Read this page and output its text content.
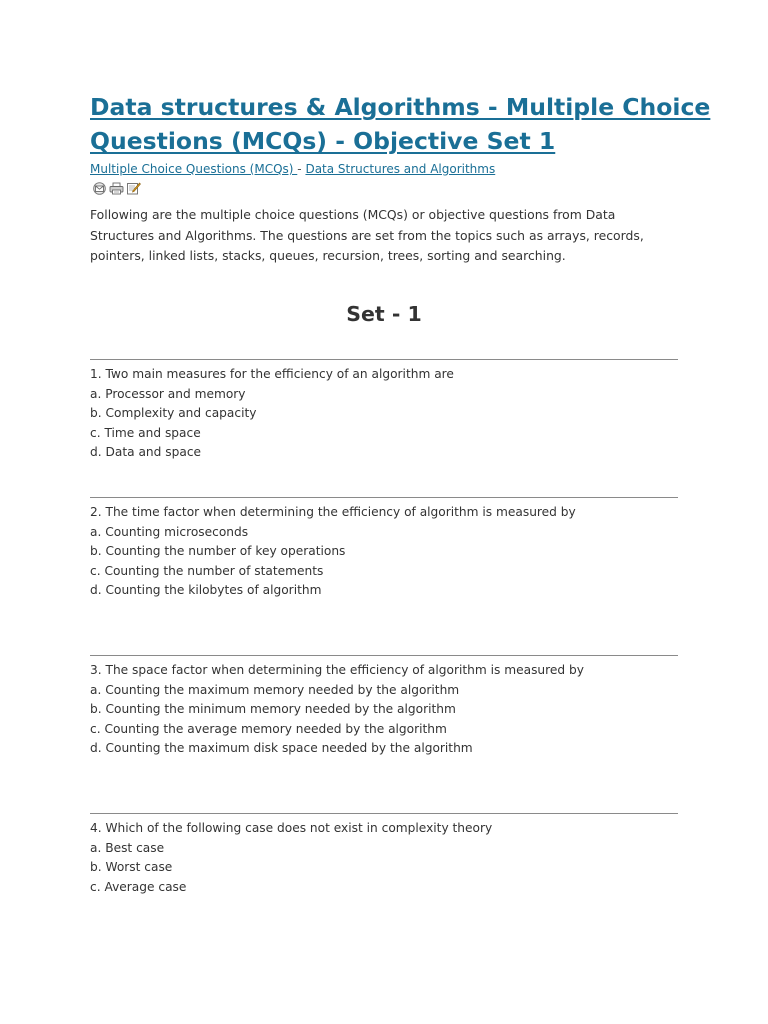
Data structures & Algorithms - Multiple Choice
Questions (MCQs) - Objective Set 1
Multiple Choice Questions (MCQs) - Data Structures and Algorithms

Following are the multiple choice questions (MCQs) or objective questions from Data Structures and Algorithms. The questions are set from the topics such as arrays, records, pointers, linked lists, stacks, queues, recursion, trees, sorting and searching.

Set - 1
1. Two main measures for the efficiency of an algorithm are
a. Processor and memory
b. Complexity and capacity
c. Time and space
d. Data and space
2. The time factor when determining the efficiency of algorithm is measured by
a. Counting microseconds
b. Counting the number of key operations
c. Counting the number of statements
d. Counting the kilobytes of algorithm
3. The space factor when determining the efficiency of algorithm is measured by
a. Counting the maximum memory needed by the algorithm
b. Counting the minimum memory needed by the algorithm
c. Counting the average memory needed by the algorithm
d. Counting the maximum disk space needed by the algorithm
4. Which of the following case does not exist in complexity theory
a. Best case
b. Worst case
c. Average case
